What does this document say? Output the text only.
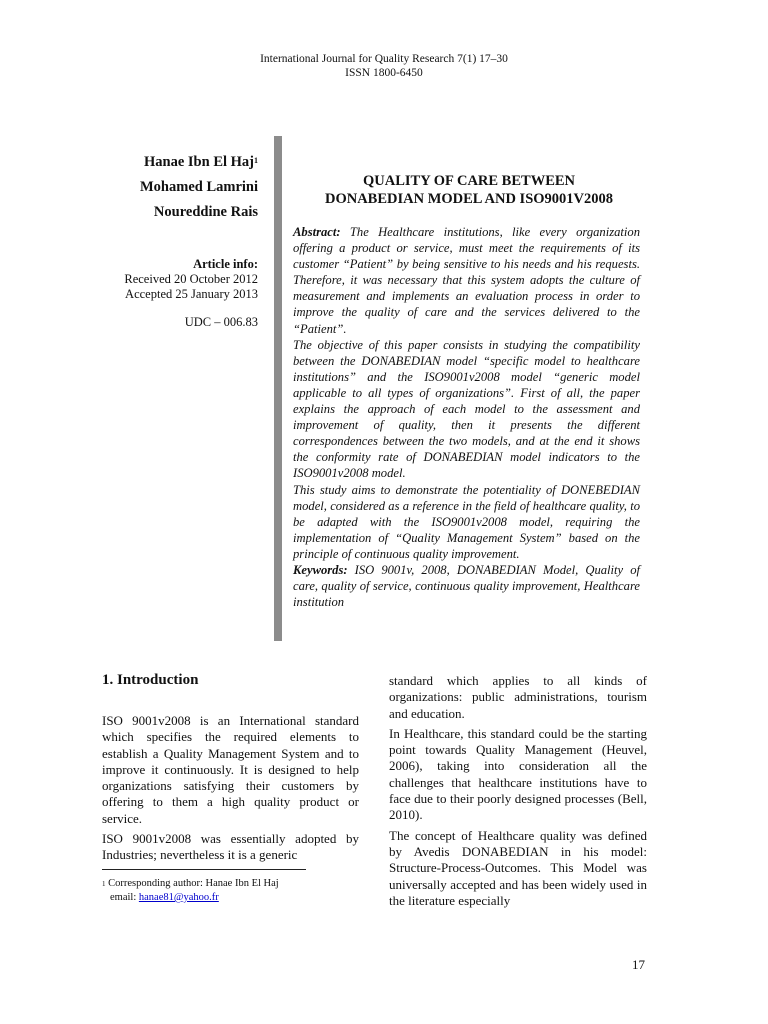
International Journal for Quality Research 7(1) 17–30
ISSN 1800-6450
Hanae Ibn El Haj$^1$
Mohamed Lamrini
Noureddine Rais
Article info:
Received 20 October 2012
Accepted 25 January 2013
UDC – 006.83
QUALITY OF CARE BETWEEN
DONABEDIAN MODEL AND ISO9001V2008

Abstract: The Healthcare institutions, like every organization offering a product or service, must meet the requirements of its customer “Patient” by being sensitive to his needs and his requests. Therefore, it was necessary that this system adopts the culture of measurement and implements an evaluation process in order to improve the quality of care and the services delivered to the “Patient”.

The objective of this paper consists in studying the compatibility between the DONABEDIAN model “specific model to healthcare institutions” and the ISO9001v2008 model “generic model applicable to all types of organizations”. First of all, the paper explains the approach of each model to the assessment and improvement of quality, then it presents the different correspondences between the two models, and at the end it shows the conformity rate of DONABEDIAN model indicators to the ISO9001v2008 model.

This study aims to demonstrate the potentiality of DONEBEDIAN model, considered as a reference in the field of healthcare quality, to be adapted with the ISO9001v2008 model, requiring the implementation of “Quality Management System” based on the principle of continuous quality improvement.

Keywords: ISO 9001v, 2008, DONABEDIAN Model, Quality of care, quality of service, continuous quality improvement, Healthcare institution

1. Introduction

ISO 9001v2008 is an International standard which specifies the required elements to establish a Quality Management System and to improve it continuously. It is designed to help organizations satisfying their customers by offering to them a high quality product or service.

ISO 9001v2008 was essentially adopted by Industries; nevertheless it is a generic

standard which applies to all kinds of organizations: public administrations, tourism and education.

In Healthcare, this standard could be the starting point towards Quality Management (Heuvel, 2006), taking into consideration all the challenges that healthcare institutions have to face due to their poorly designed processes (Bell, 2010).

The concept of Healthcare quality was defined by Avedis DONABEDIAN in his model: Structure-Process-Outcomes. This Model was universally accepted and has been widely used in the literature especially

$^1$ Corresponding author: Hanae Ibn El Haj
email: hanae81@yahoo.fr
17
